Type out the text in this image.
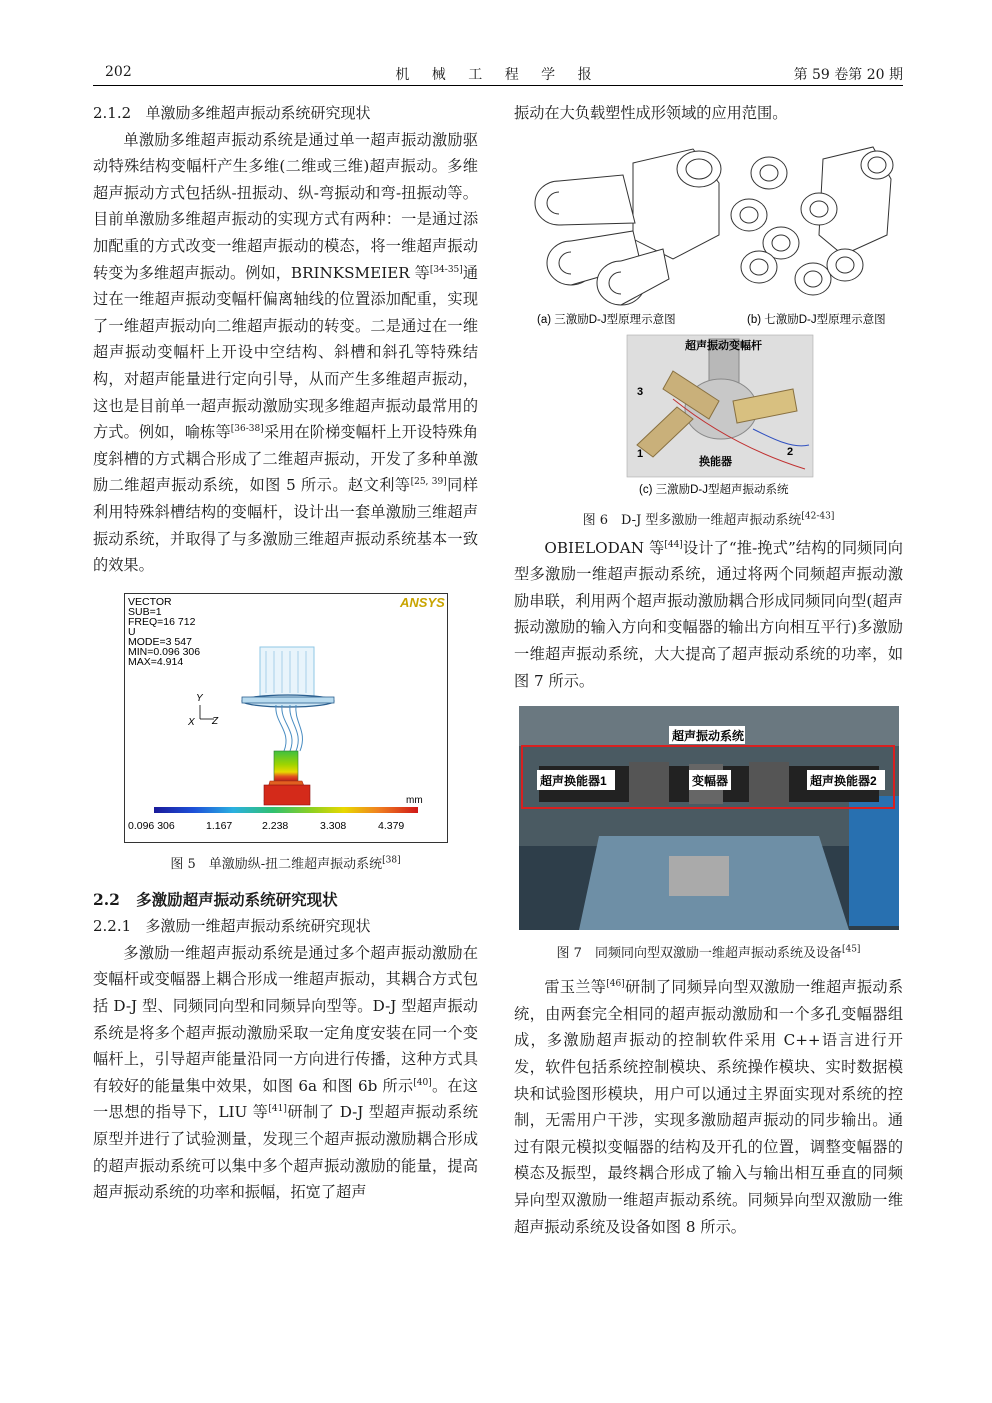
202	机 械 工 程 学 报	第 59 卷第 20 期
2.1.2 单激励多维超声振动系统研究现状

单激励多维超声振动系统是通过单一超声振动激励驱动特殊结构变幅杆产生多维(二维或三维)超声振动。多维超声振动方式包括纵-扭振动、纵-弯振动和弯-扭振动等。目前单激励多维超声振动的实现方式有两种：一是通过添加配重的方式改变一维超声振动的模态，将一维超声振动转变为多维超声振动。例如，BRINKSMEIER 等[34-35]通过在一维超声振动变幅杆偏离轴线的位置添加配重，实现了一维超声振动向二维超声振动的转变。二是通过在一维超声振动变幅杆上开设中空结构、斜槽和斜孔等特殊结构，对超声能量进行定向引导，从而产生多维超声振动，这也是目前单一超声振动激励实现多维超声振动最常用的方式。例如，喻栋等[36-38]采用在阶梯变幅杆上开设特殊角度斜槽的方式耦合形成了二维超声振动，开发了多种单激励二维超声振动系统，如图 5 所示。赵文利等[25, 39]同样利用特殊斜槽结构的变幅杆，设计出一套单激励三维超声振动系统，并取得了与多激励三维超声振动系统基本一致的效果。

VECTOR
SUB=1
FREQ=16 712
U
MODE=3 547
MIN=0.096 306
MAX=4.914
ANSYS
Y
X Z
mm
0.096 306	1.167	2.238	3.308	4.379
图 5　单激励纵-扭二维超声振动系统[38]
2.2 多激励超声振动系统研究现状
2.2.1 多激励一维超声振动系统研究现状

多激励一维超声振动系统是通过多个超声振动激励在变幅杆或变幅器上耦合形成一维超声振动，其耦合方式包括 D-J 型、同频同向型和同频异向型等。D-J 型超声振动系统是将多个超声振动激励采取一定角度安装在同一个变幅杆上，引导超声能量沿同一方向进行传播，这种方式具有较好的能量集中效果，如图 6a 和图 6b 所示[40]。在这一思想的指导下，LIU 等[41]研制了 D-J 型超声振动系统原型并进行了试验测量，发现三个超声振动激励耦合形成的超声振动系统可以集中多个超声振动激励的能量，提高超声振动系统的功率和振幅，拓宽了超声

振动在大负载塑性成形领域的应用范围。
(a) 三激励D-J型原理示意图	(b) 七激励D-J型原理示意图
超声振动变幅杆
3
1	2
换能器
(c) 三激励D-J型超声振动系统
图 6　D-J 型多激励一维超声振动系统[42-43]

OBIELODAN 等[44]设计了“推-挽式”结构的同频同向型多激励一维超声振动系统，通过将两个同频超声振动激励串联，利用两个超声振动激励耦合形成同频同向型(超声振动激励的输入方向和变幅器的输出方向相互平行)多激励一维超声振动系统，大大提高了超声振动系统的功率，如图 7 所示。

超声振动系统
超声换能器1	变幅器	超声换能器2
图 7　同频同向型双激励一维超声振动系统及设备[45]

雷玉兰等[46]研制了同频异向型双激励一维超声振动系统，由两套完全相同的超声振动激励和一个多孔变幅器组成，多激励超声振动的控制软件采用 C++语言进行开发，软件包括系统控制模块、系统操作模块、实时数据模块和试验图形模块，用户可以通过主界面实现对系统的控制，无需用户干涉，实现多激励超声振动的同步输出。通过有限元模拟变幅器的结构及开孔的位置，调整变幅器的模态及振型，最终耦合形成了输入与输出相互垂直的同频异向型双激励一维超声振动系统。同频异向型双激励一维超声振动系统及设备如图 8 所示。
